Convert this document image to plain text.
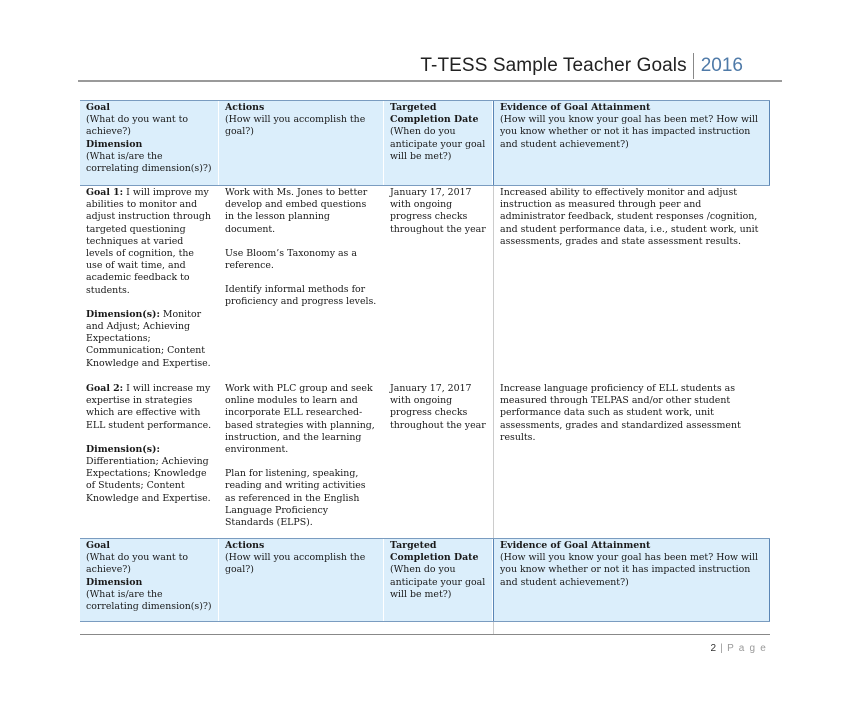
T-TESS Sample Teacher Goals 2016
Goal
(What do you want to achieve?)
Dimension
(What is/are the correlating dimension(s)?)
Actions
(How will you accomplish the goal?)
Targeted Completion Date
(When do you anticipate your goal will be met?)
Evidence of Goal Attainment
(How will you know your goal has been met? How will you know whether or not it has impacted instruction and student achievement?)
Goal 1: I will improve my abilities to monitor and adjust instruction through targeted questioning techniques at varied levels of cognition, the use of wait time, and academic feedback to students.
Dimension(s): Monitor and Adjust; Achieving Expectations; Communication; Content Knowledge and Expertise.
Work with Ms. Jones to better develop and embed questions in the lesson planning document.
Use Bloom’s Taxonomy as a reference.
Identify informal methods for proficiency and progress levels.
January 17, 2017 with ongoing progress checks throughout the year
Increased ability to effectively monitor and adjust instruction as measured through peer and administrator feedback, student responses /cognition, and student performance data, i.e., student work, unit assessments, grades and state assessment results.
Goal 2: I will increase my expertise in strategies which are effective with ELL student performance.
Dimension(s): Differentiation; Achieving Expectations; Knowledge of Students; Content Knowledge and Expertise.
Work with PLC group and seek online modules to learn and incorporate ELL researched-based strategies with planning, instruction, and the learning environment.
Plan for listening, speaking, reading and writing activities as referenced in the English Language Proficiency Standards (ELPS).
January 17, 2017 with ongoing progress checks throughout the year
Increase language proficiency of ELL students as measured through TELPAS and/or other student performance data such as student work, unit assessments, grades and standardized assessment results.
Goal
(What do you want to achieve?)
Dimension
(What is/are the correlating dimension(s)?)
Actions
(How will you accomplish the goal?)
Targeted Completion Date
(When do you anticipate your goal will be met?)
Evidence of Goal Attainment
(How will you know your goal has been met? How will you know whether or not it has impacted instruction and student achievement?)
2 | P a g e
